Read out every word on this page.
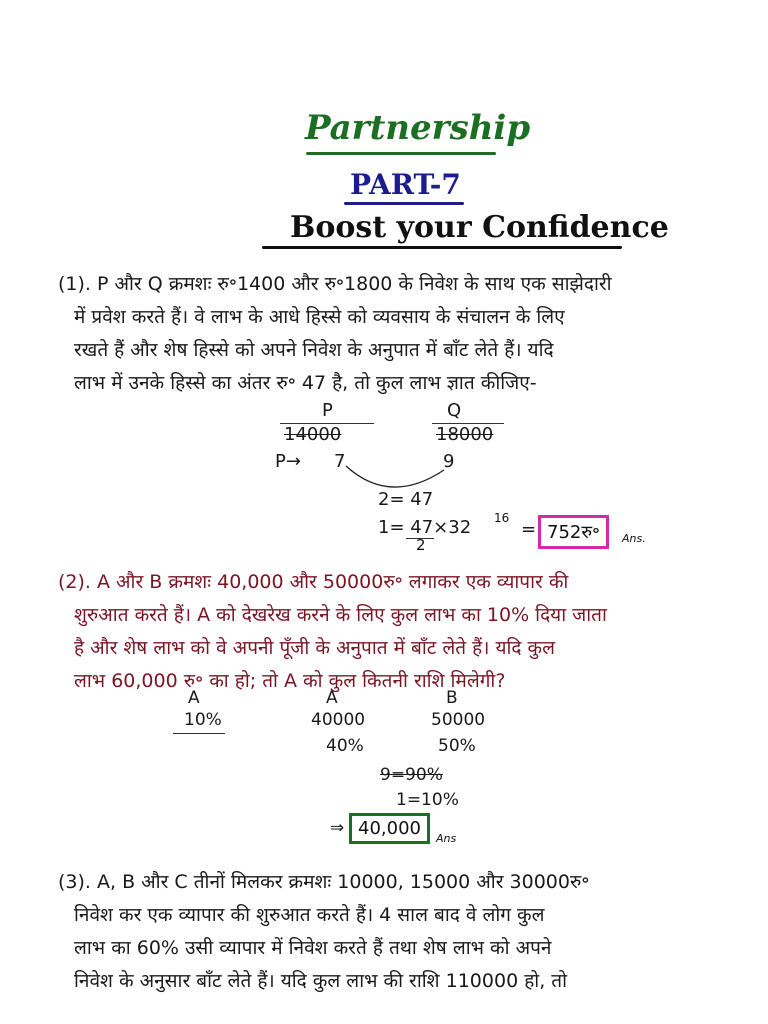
Partnership
PART-7
Boost your Confidence
(1). P और Q क्रमशः रु॰1400 और रु॰1800 के निवेश के साथ एक साझेदारी
में प्रवेश करते हैं। वे लाभ के आधे हिस्से को व्यवसाय के संचालन के लिए
रखते हैं और शेष हिस्से को अपने निवेश के अनुपात में बाँट लेते हैं। यदि
लाभ में उनके हिस्से का अंतर रु॰ 47 है, तो कुल लाभ ज्ञात कीजिए-
P	Q
14000	18000
P→ 7	9
2= 47
1= 47×32 16
2
= 752रु॰	Ans.
(2). A और B क्रमशः 40,000 और 50000रु॰ लगाकर एक व्यापार की
शुरुआत करते हैं। A को देखरेख करने के लिए कुल लाभ का 10% दिया जाता
है और शेष लाभ को वे अपनी पूँजी के अनुपात में बाँट लेते हैं। यदि कुल
लाभ 60,000 रु॰ का हो; तो A को कुल कितनी राशि मिलेगी?
A
10%
A	B
40000	50000
40%	50%
9=90%
1=10%
⇒ 40,000	Ans
(3). A, B और C तीनों मिलकर क्रमशः 10000, 15000 और 30000रु॰
निवेश कर एक व्यापार की शुरुआत करते हैं। 4 साल बाद वे लोग कुल
लाभ का 60% उसी व्यापार में निवेश करते हैं तथा शेष लाभ को अपने
निवेश के अनुसार बाँट लेते हैं। यदि कुल लाभ की राशि 110000 हो, तो
